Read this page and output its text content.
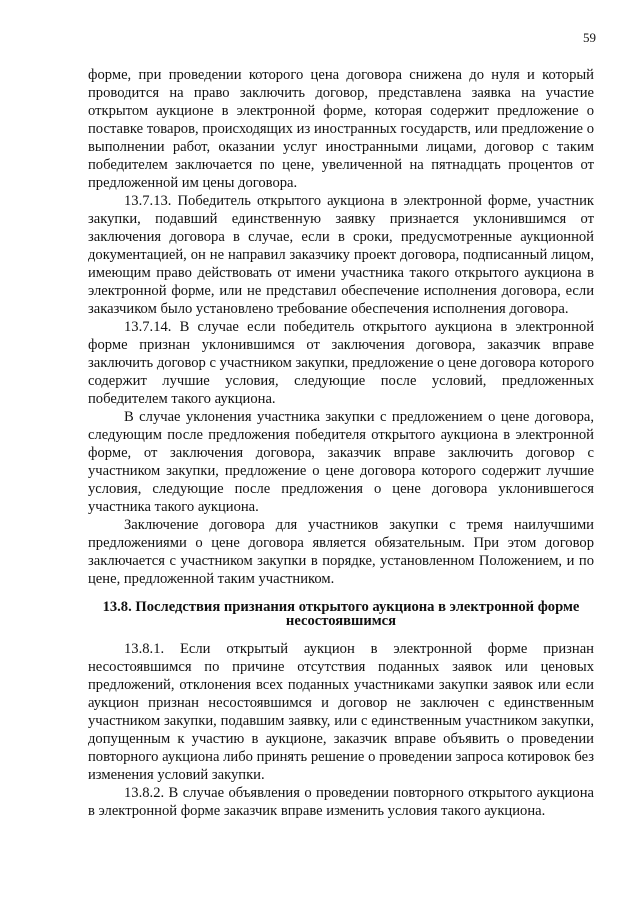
59

форме, при проведении которого цена договора снижена до нуля и который проводится на право заключить договор, представлена заявка на участие открытом аукционе в электронной форме, которая содержит предложение о поставке товаров, происходящих из иностранных государств, или предложение о выполнении работ, оказании услуг иностранными лицами, договор с таким победителем заключается по цене, увеличенной на пятнадцать процентов от предложенной им цены договора.

13.7.13. Победитель открытого аукциона в электронной форме, участник закупки, подавший единственную заявку признается уклонившимся от заключения договора в случае, если в сроки, предусмотренные аукционной документацией, он не направил заказчику проект договора, подписанный лицом, имеющим право действовать от имени участника такого открытого аукциона в электронной форме, или не представил обеспечение исполнения договора, если заказчиком было установлено требование обеспечения исполнения договора.

13.7.14. В случае если победитель открытого аукциона в электронной форме признан уклонившимся от заключения договора, заказчик вправе заключить договор с участником закупки, предложение о цене договора которого содержит лучшие условия, следующие после условий, предложенных победителем такого аукциона.

В случае уклонения участника закупки с предложением о цене договора, следующим после предложения победителя открытого аукциона в электронной форме, от заключения договора, заказчик вправе заключить договор с участником закупки, предложение о цене договора которого содержит лучшие условия, следующие после предложения о цене договора уклонившегося участника такого аукциона.

Заключение договора для участников закупки с тремя наилучшими предложениями о цене договора является обязательным. При этом договор заключается с участником закупки в порядке, установленном Положением, и по цене, предложенной таким участником.

13.8. Последствия признания открытого аукциона в электронной форме
несостоявшимся

13.8.1. Если открытый аукцион в электронной форме признан несостоявшимся по причине отсутствия поданных заявок или ценовых предложений, отклонения всех поданных участниками закупки заявок или если аукцион признан несостоявшимся и договор не заключен с единственным участником закупки, подавшим заявку, или с единственным участником закупки, допущенным к участию в аукционе, заказчик вправе объявить о проведении повторного аукциона либо принять решение о проведении запроса котировок без изменения условий закупки.

13.8.2. В случае объявления о проведении повторного открытого аукциона в электронной форме заказчик вправе изменить условия такого аукциона.
